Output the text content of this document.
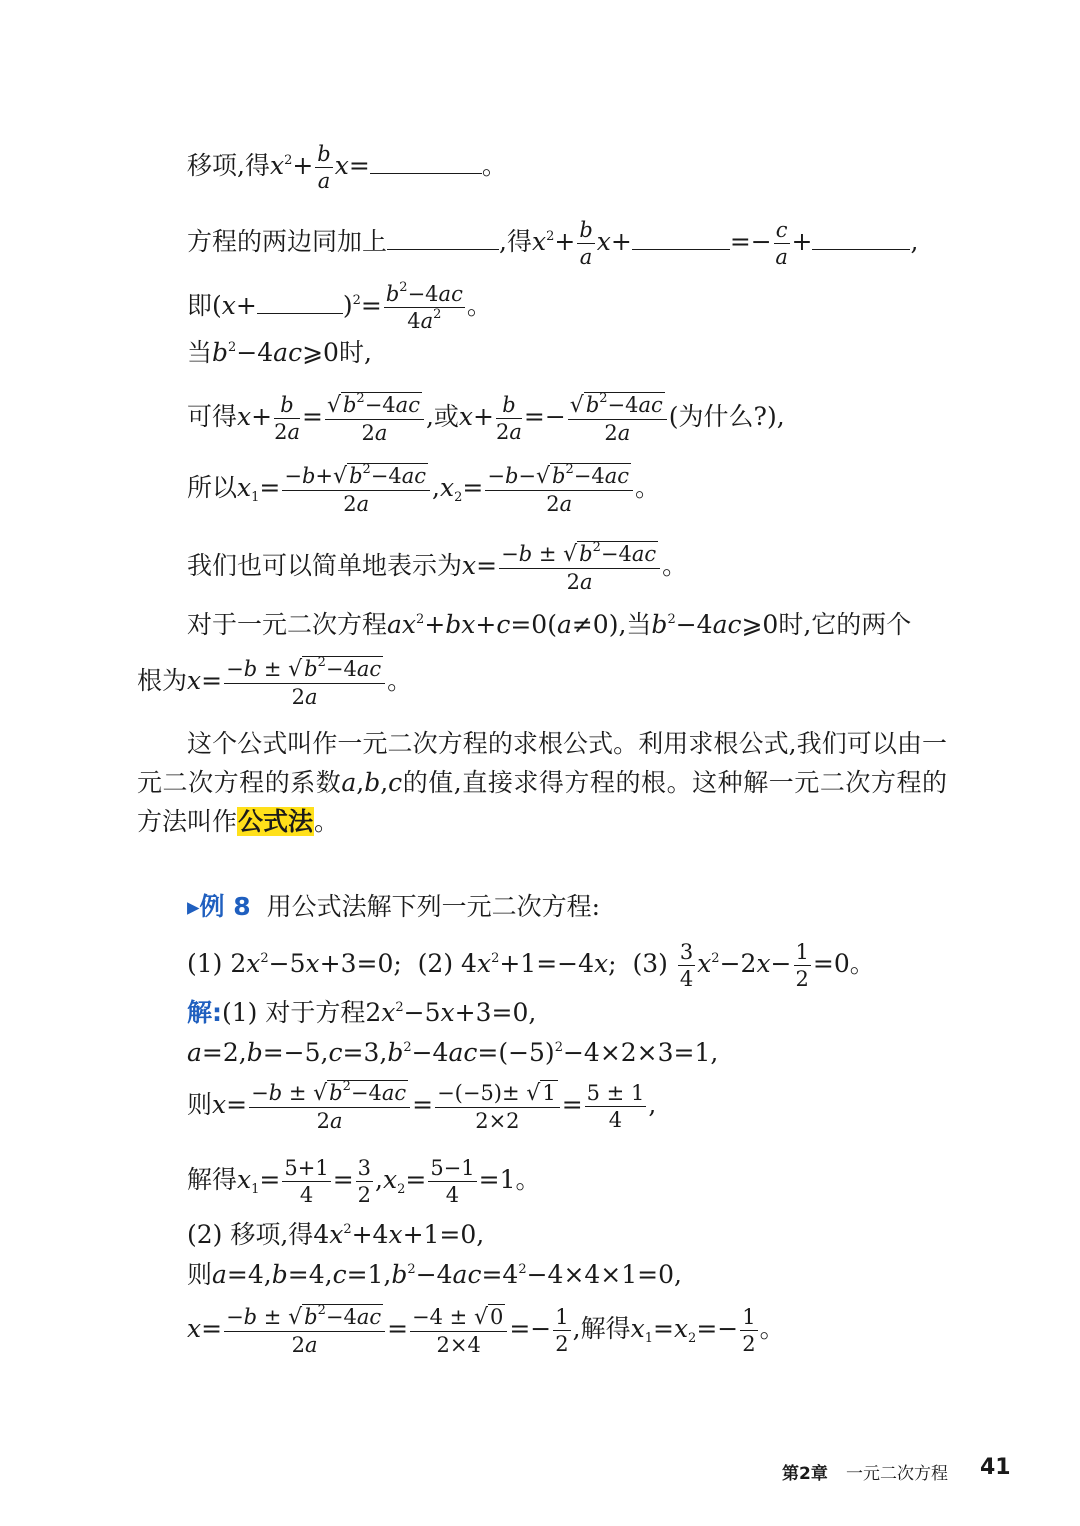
移项,得$x^2+ \frac{b}{a} x=$	。
方程的两边同加上	,得$x^2+ \frac{b}{a} x+$	=− $\frac{c}{a}$ +	,
即(x+	)$^2= \frac{b^2-4ac}{4a^2}$ 。
当$b^2-4ac⩾0$时,
可得$x+ \frac{b}{2a} = \frac{√b^2-4ac}{2a}$ ,或$x+ \frac{b}{2a} =- \frac{√b^2-4ac}{2a}$ (为什么?),
所以$x_1= \frac{-b+√b^2-4ac}{2a} ,x_2= \frac{-b-√b^2-4ac}{2a}$ 。
我们也可以简单地表示为$x= \frac{-b \pm √b^2-4ac}{2a}$ 。
对于一元二次方程$ax^2+bx+c=0(a\ne 0)$,当$b^2-4ac⩾0$时,它的两个
根为$x= \frac{-b \pm √b^2-4ac}{2a}$ 。
这个公式叫作一元二次方程的求根公式。利用求根公式,我们可以由一元二次方程的系数a,b,c的值,直接求得方程的根。这种解一元二次方程的方法叫作公式法。
▸例 8 用公式法解下列一元二次方程:
(1) $2x^2-5x+3=0$;  (2) $4x^2+1=-4x$;  $(3) \frac{3}{4} x^2-2x- \frac{1}{2} =0$。
解:(1) 对于方程$2x^2-5x+3=0$,
$a=2,b=-5,c=3,b^2-4ac=(-5)^2-4\times 2\times 3=1$,
则$x= \frac{-b \pm √b^2-4ac}{2a} = \frac{-(-5)\pm √1}{2\times 2} = \frac{5 \pm 1}{4}$ ,
解得$x_1= \frac{5+1}{4} = \frac{3}{2} ,x_2= \frac{5-1}{4} =1$。
(2) 移项,得$4x^2+4x+1=0$,
则$a=4,b=4,c=1,b^2-4ac=4^2-4\times 4\times 1=0$,
$x= \frac{-b \pm √b^2-4ac}{2a} = \frac{-4 \pm √0}{2\times 4} =- \frac{1}{2}$ ,解得$x_1=x_2=- \frac{1}{2}$ 。
第2章 一元二次方程 41
